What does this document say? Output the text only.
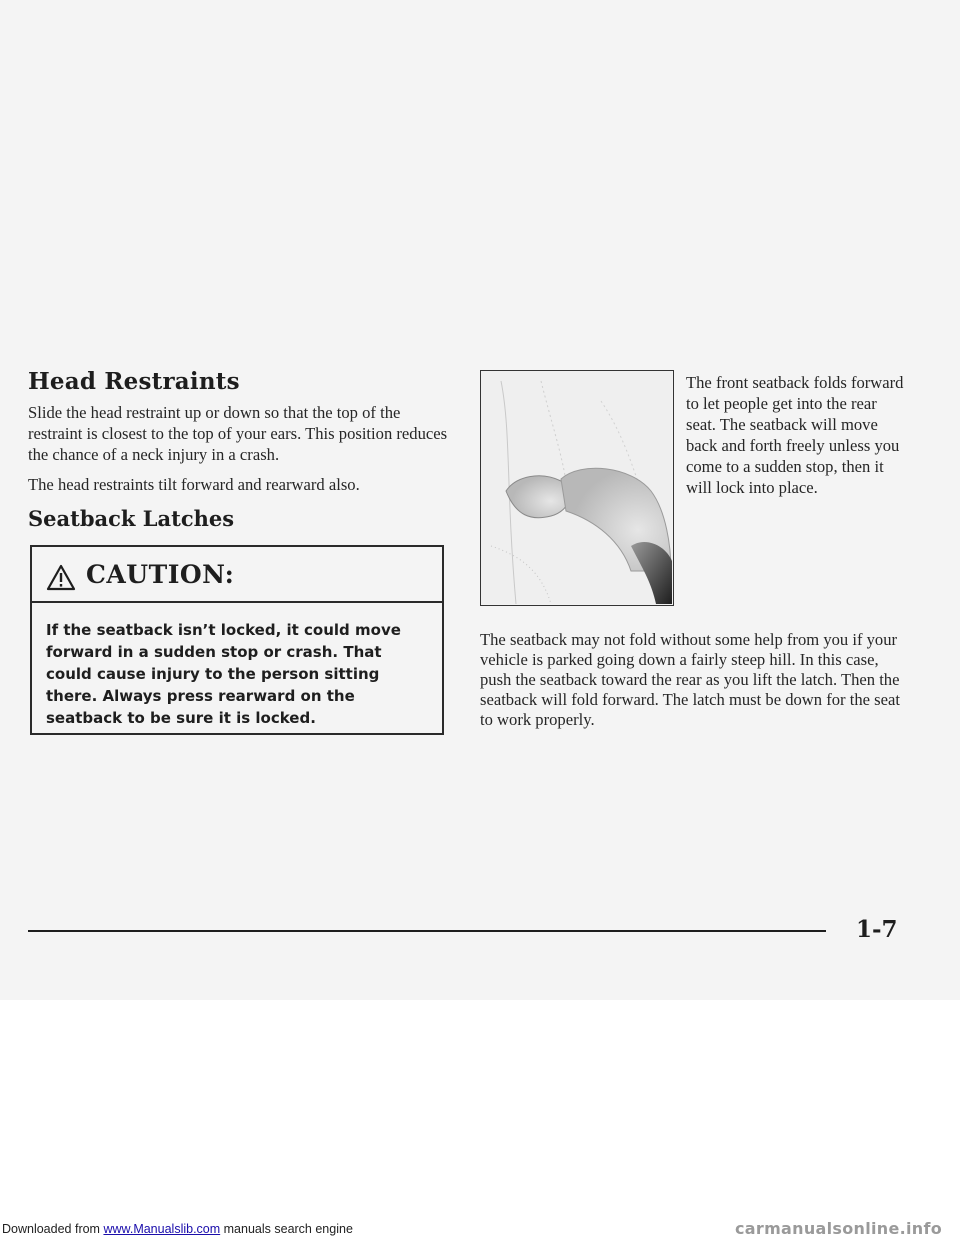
Head Restraints

Slide the head restraint up or down so that the top of the restraint is closest to the top of your ears. This position reduces the chance of a neck injury in a crash.

The head restraints tilt forward and rearward also.

Seatback Latches
CAUTION:

If the seatback isn’t locked, it could move forward in a sudden stop or crash. That could cause injury to the person sitting there. Always press rearward on the seatback to be sure it is locked.

The front seatback folds forward to let people get into the rear seat. The seatback will move back and forth freely unless you come to a sudden stop, then it will lock into place.

The seatback may not fold without some help from you if your vehicle is parked going down a fairly steep hill. In this case, push the seatback toward the rear as you lift the latch. Then the seatback will fold forward. The latch must be down for the seat to work properly.

1-7
Downloaded from www.Manualslib.com manuals search engine	carmanualsonline.info
